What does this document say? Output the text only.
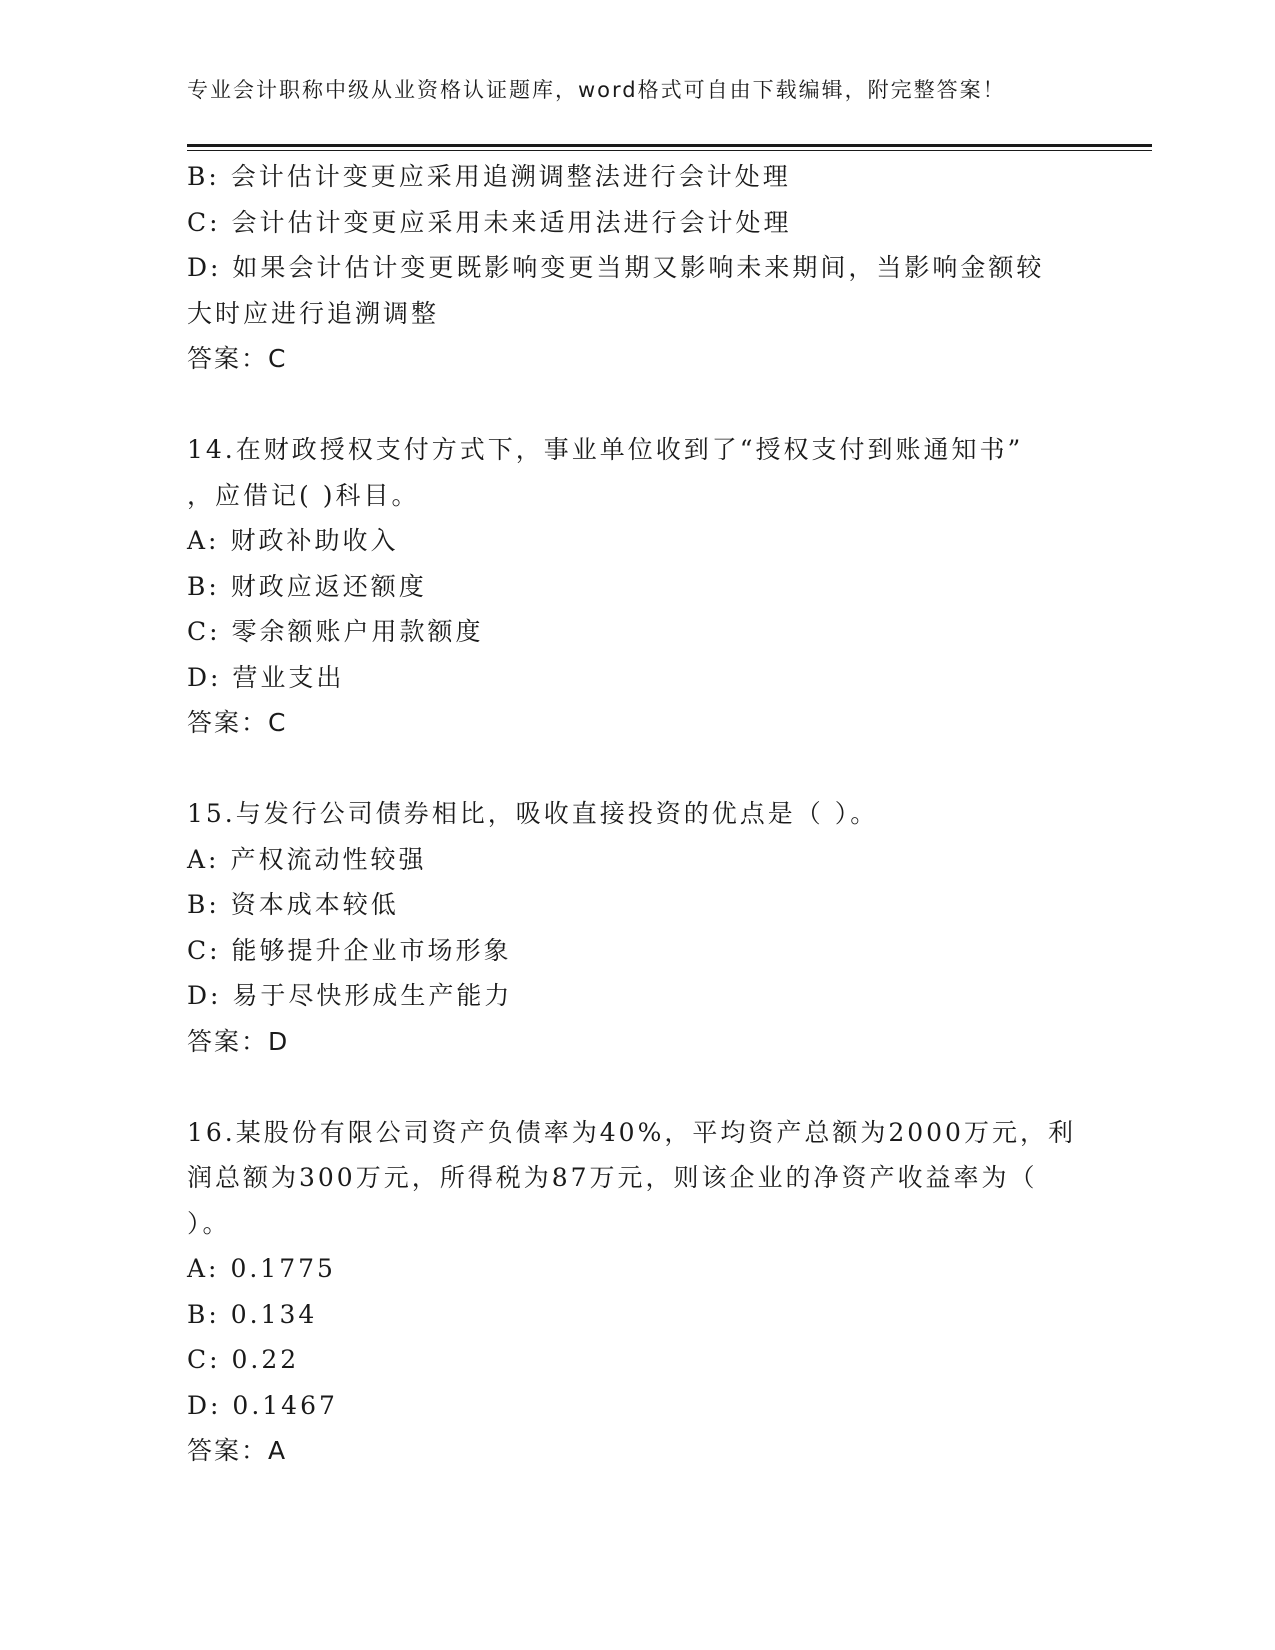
专业会计职称中级从业资格认证题库，word格式可自由下载编辑，附完整答案！
B: 会计估计变更应采用追溯调整法进行会计处理
C: 会计估计变更应采用未来适用法进行会计处理
D: 如果会计估计变更既影响变更当期又影响未来期间，当影响金额较
大时应进行追溯调整
答案：C
14.在财政授权支付方式下，事业单位收到了“授权支付到账通知书”
，应借记( )科目。
A: 财政补助收入
B: 财政应返还额度
C: 零余额账户用款额度
D: 营业支出
答案：C
15.与发行公司债券相比，吸收直接投资的优点是（ ）。
A: 产权流动性较强
B: 资本成本较低
C: 能够提升企业市场形象
D: 易于尽快形成生产能力
答案：D
16.某股份有限公司资产负债率为40%，平均资产总额为2000万元，利
润总额为300万元，所得税为87万元，则该企业的净资产收益率为（
）。
A: 0.1775
B: 0.134
C: 0.22
D: 0.1467
答案：A
